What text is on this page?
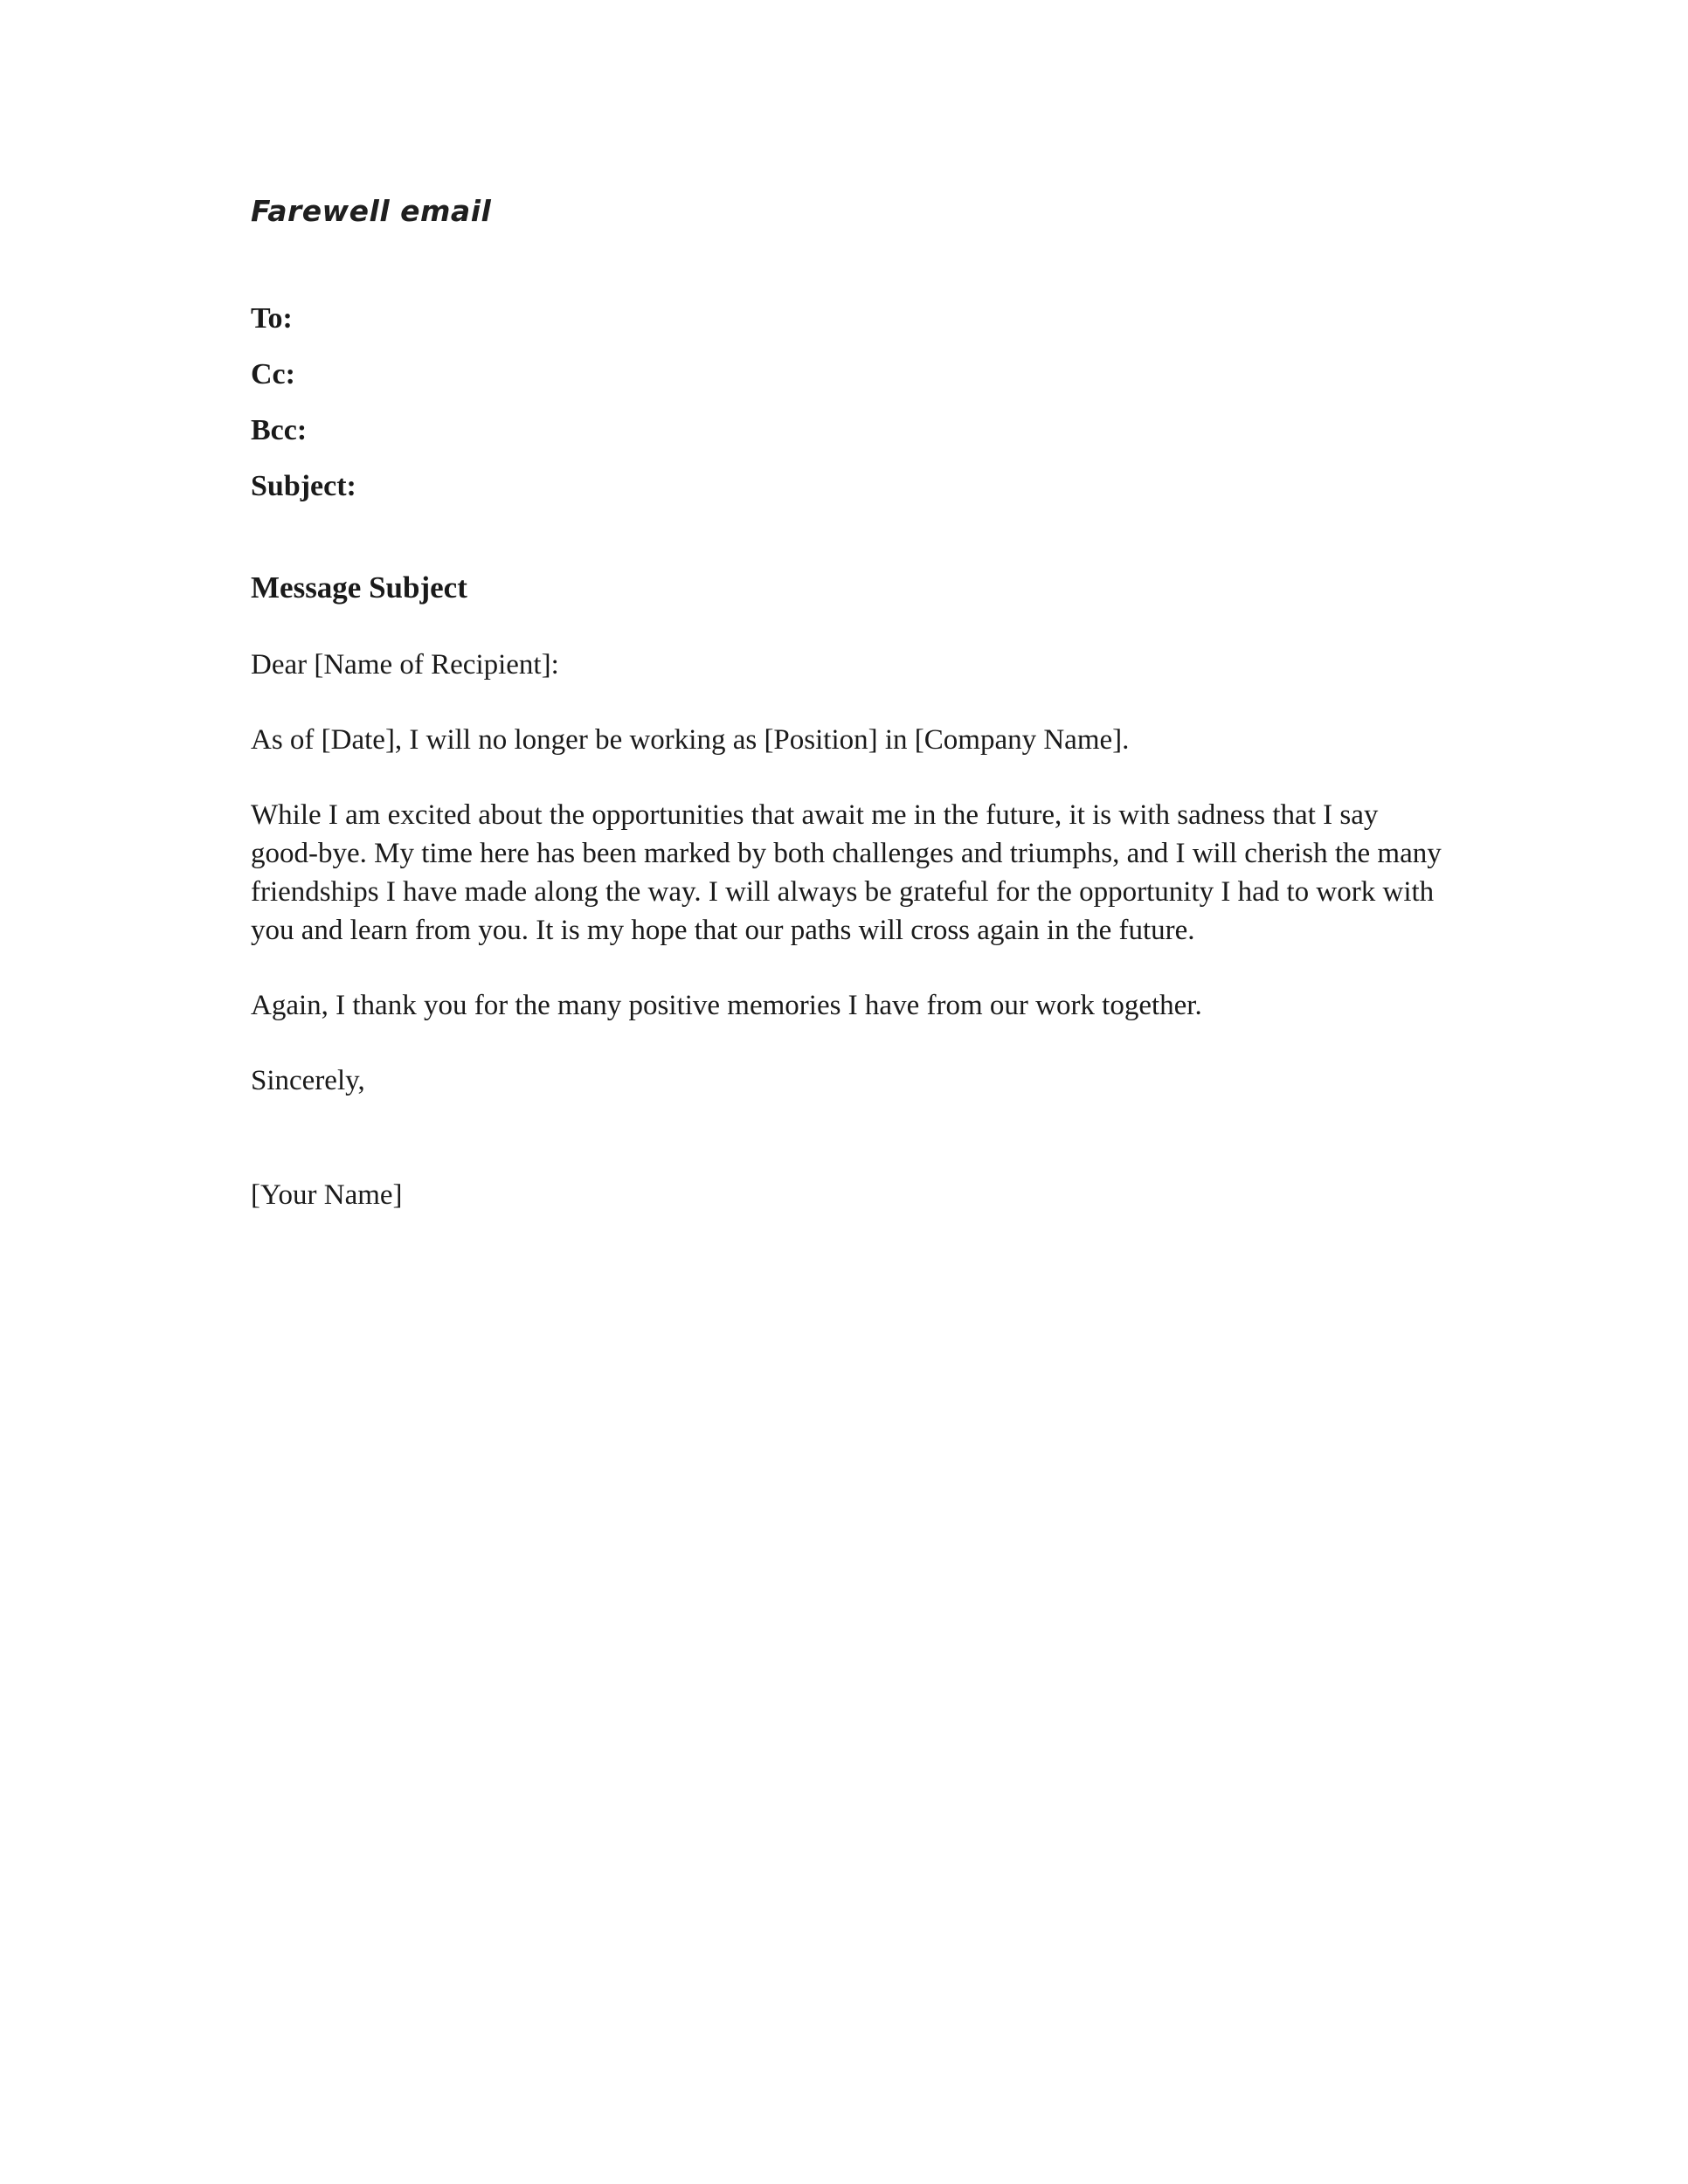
Farewell email
To:
Cc:
Bcc:
Subject:
Message Subject

Dear [Name of Recipient]:

As of [Date], I will no longer be working as [Position] in [Company Name].

While I am excited about the opportunities that await me in the future, it is with sadness that I say good-bye. My time here has been marked by both challenges and triumphs, and I will cherish the many friendships I have made along the way. I will always be grateful for the opportunity I had to work with you and learn from you. It is my hope that our paths will cross again in the future.

Again, I thank you for the many positive memories I have from our work together.

Sincerely,

[Your Name]
